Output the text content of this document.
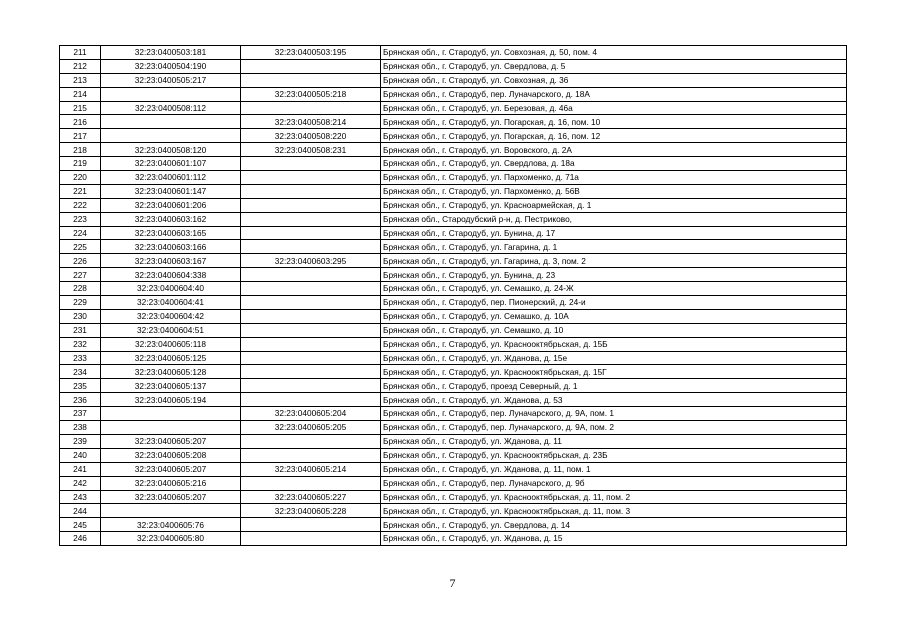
211	32:23:0400503:181	32:23:0400503:195	Брянская обл., г. Стародуб, ул. Совхозная, д. 50, пом. 4
212	32:23:0400504:190		Брянская обл., г. Стародуб, ул. Свердлова, д. 5
213	32:23:0400505:217		Брянская обл., г. Стародуб, ул. Совхозная, д. 36
214		32:23:0400505:218	Брянская обл., г. Стародуб, пер. Луначарского, д. 18А
215	32:23:0400508:112		Брянская обл., г. Стародуб, ул. Березовая, д. 46а
216		32:23:0400508:214	Брянская обл., г. Стародуб, ул. Погарская, д. 16, пом. 10
217		32:23:0400508:220	Брянская обл., г. Стародуб, ул. Погарская, д. 16, пом. 12
218	32:23:0400508:120	32:23:0400508:231	Брянская обл., г. Стародуб, ул. Воровского, д. 2А
219	32:23:0400601:107		Брянская обл., г. Стародуб, ул. Свердлова, д. 18а
220	32:23:0400601:112		Брянская обл., г. Стародуб, ул. Пархоменко, д. 71а
221	32:23:0400601:147		Брянская обл., г. Стародуб, ул. Пархоменко, д. 56В
222	32:23:0400601:206		Брянская обл., г. Стародуб, ул. Красноармейская, д. 1
223	32:23:0400603:162		Брянская обл., Стародубский р-н, д. Пестриково,
224	32:23:0400603:165		Брянская обл., г. Стародуб, ул. Бунина, д. 17
225	32:23:0400603:166		Брянская обл., г. Стародуб, ул. Гагарина, д. 1
226	32:23:0400603:167	32:23:0400603:295	Брянская обл., г. Стародуб, ул. Гагарина, д. 3, пом. 2
227	32:23:0400604:338		Брянская обл., г. Стародуб, ул. Бунина, д. 23
228	32:23:0400604:40		Брянская обл., г. Стародуб, ул. Семашко, д. 24-Ж
229	32:23:0400604:41		Брянская обл., г. Стародуб, пер. Пионерский, д. 24-и
230	32:23:0400604:42		Брянская обл., г. Стародуб, ул. Семашко, д. 10А
231	32:23:0400604:51		Брянская обл., г. Стародуб, ул. Семашко, д. 10
232	32:23:0400605:118		Брянская обл., г. Стародуб, ул. Краснооктябрьская, д. 15Б
233	32:23:0400605:125		Брянская обл., г. Стародуб, ул. Жданова, д. 15е
234	32:23:0400605:128		Брянская обл., г. Стародуб, ул. Краснооктябрьская, д. 15Г
235	32:23:0400605:137		Брянская обл., г. Стародуб, проезд Северный, д. 1
236	32:23:0400605:194		Брянская обл., г. Стародуб, ул. Жданова, д. 53
237		32:23:0400605:204	Брянская обл., г. Стародуб, пер. Луначарского, д. 9А, пом. 1
238		32:23:0400605:205	Брянская обл., г. Стародуб, пер. Луначарского, д. 9А, пом. 2
239	32:23:0400605:207		Брянская обл., г. Стародуб, ул. Жданова, д. 11
240	32:23:0400605:208		Брянская обл., г. Стародуб, ул. Краснооктябрьская, д. 23Б
241	32:23:0400605:207	32:23:0400605:214	Брянская обл., г. Стародуб, ул. Жданова, д. 11, пом. 1
242	32:23:0400605:216		Брянская обл., г. Стародуб, пер. Луначарского, д. 9б
243	32:23:0400605:207	32:23:0400605:227	Брянская обл., г. Стародуб, ул. Краснооктябрьская, д. 11, пом. 2
244		32:23:0400605:228	Брянская обл., г. Стародуб, ул. Краснооктябрьская, д. 11, пом. 3
245	32:23:0400605:76		Брянская обл., г. Стародуб, ул. Свердлова, д. 14
246	32:23:0400605:80		Брянская обл., г. Стародуб, ул. Жданова, д. 15
7
